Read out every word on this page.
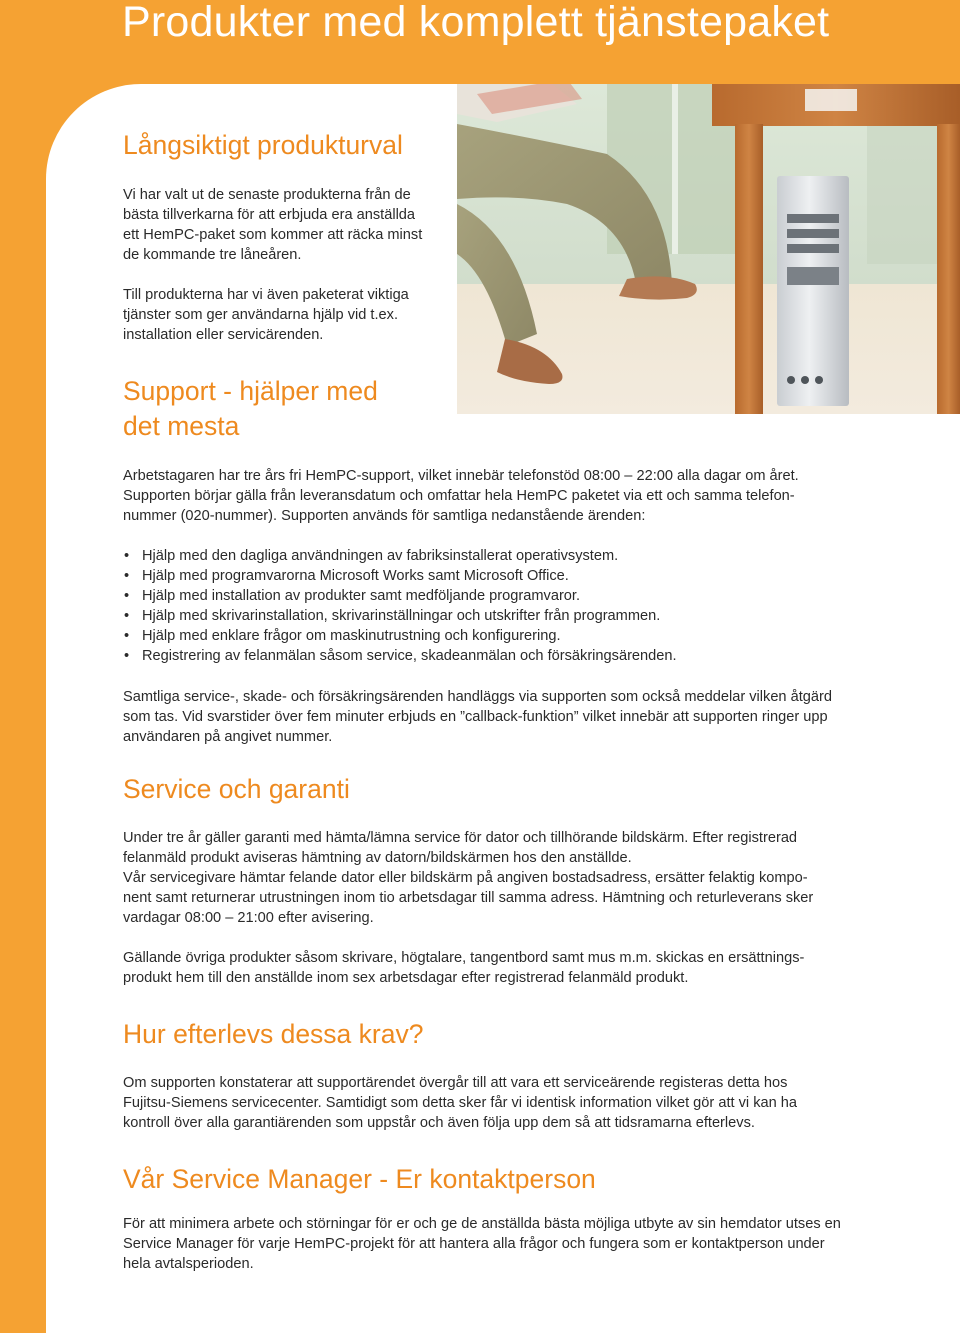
Produkter med komplett tjänstepaket
Långsiktigt produkturval

Vi har valt ut de senaste produkterna från de bästa tillverkarna för att erbjuda era anställda ett HemPC-paket som kommer att räcka minst de kommande tre låneåren.

Till produkterna har vi även paketerat viktiga tjänster som ger användarna hjälp vid t.ex. installation eller servicärenden.

Support - hjälper med
det mesta

Arbetstagaren har tre års fri HemPC-support, vilket innebär telefonstöd 08:00 – 22:00 alla dagar om året. Supporten börjar gälla från leveransdatum och omfattar hela HemPC paketet via ett och samma telefon-nummer (020-nummer). Supporten används för samtliga nedanstående ärenden:

• Hjälp med den dagliga användningen av fabriksinstallerat operativsystem.
• Hjälp med programvarorna Microsoft Works samt Microsoft Office.
• Hjälp med installation av produkter samt medföljande programvaror.
• Hjälp med skrivarinstallation, skrivarinställningar och utskrifter från programmen.
• Hjälp med enklare frågor om maskinutrustning och konfigurering.
• Registrering av felanmälan såsom service, skadeanmälan och försäkringsärenden.

Samtliga service-, skade- och försäkringsärenden handläggs via supporten som också meddelar vilken åtgärd som tas. Vid svarstider över fem minuter erbjuds en ”callback-funktion” vilket innebär att supporten ringer upp användaren på angivet nummer.

Service och garanti

Under tre år gäller garanti med hämta/lämna service för dator och tillhörande bildskärm. Efter registrerad felanmäld produkt aviseras hämtning av datorn/bildskärmen hos den anställde.

Vår servicegivare hämtar felande dator eller bildskärm på angiven bostadsadress, ersätter felaktig kompo-nent samt returnerar utrustningen inom tio arbetsdagar till samma adress. Hämtning och returleverans sker vardagar 08:00 – 21:00 efter avisering.

Gällande övriga produkter såsom skrivare, högtalare, tangentbord samt mus m.m. skickas en ersättnings-produkt hem till den anställde inom sex arbetsdagar efter registrerad felanmäld produkt.

Hur efterlevs dessa krav?

Om supporten konstaterar att supportärendet övergår till att vara ett serviceärende registeras detta hos Fujitsu-Siemens servicecenter. Samtidigt som detta sker får vi identisk information vilket gör att vi kan ha kontroll över alla garantiärenden som uppstår och även följa upp dem så att tidsramarna efterlevs.

Vår Service Manager - Er kontaktperson

För att minimera arbete och störningar för er och ge de anställda bästa möjliga utbyte av sin hemdator utses en Service Manager för varje HemPC-projekt för att hantera alla frågor och fungera som er kontaktperson under hela avtalsperioden.
